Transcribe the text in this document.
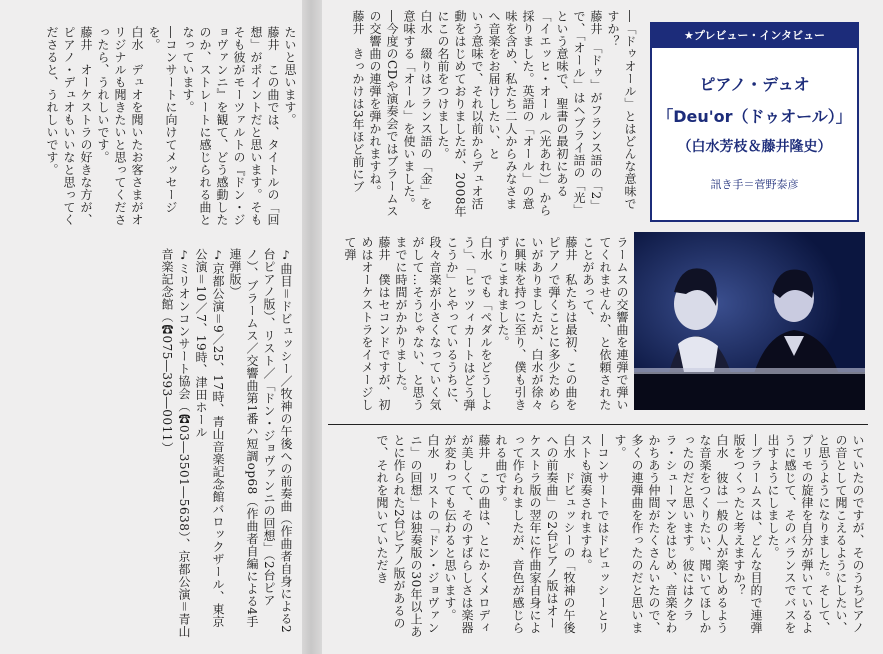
たいと思います。

藤井　この曲では、タイトルの「回想」がポイントだと思います。そもそも彼がモーツァルトの『ドン・ジョヴァンニ』を観て、どう感動したのか、ストレートに感じられる曲となっています。

―コンサートに向けてメッセージを。

白水　デュオを聞いたお客さまがオリジナルも聞きたいと思ってくださったら、うれしいです。

藤井　オーケストラの好きな方が、ピアノ・デュオもいいなと思ってくださると、うれしいです。

♪曲目＝ドビュッシー／牧神の午後への前奏曲（作曲者自身による2台ピアノ版）、リスト／「ドン・ジョヴァンニの回想」（2台ピアノ）、ブラームス／交響曲第1番ハ短調op68（作曲者自編による4手連弾版）

♪京都公演＝9／25、17時、青山音楽記念館バロックザール、東京公演＝10／7、19時、津田ホール

♪ミリオンコンサート協会（☎03―3501―5638）、京都公演＝青山音楽記念館（☎075―393―0011）

―「ドゥオール」とはどんな意味ですか？

藤井　「ドゥ」がフランス語の「2」で、「オール」はヘブライ語の「光」という意味で、聖書の最初にある

「イエッヒ・オール（光あれ）」から採りました。英語の「オール」の意味を含め、私たち二人からみなさまへ音楽をお届けしたい、と

いう意味で、それ以前からデュオ活動をはじめておりましたが、2008年にこの名前をつけました。

白水　綴りはフランス語の「金」を意味する「オール」を使いました。

―今度のCDや演奏会ではブラームスの交響曲の連弾を弾かれますね。

藤井　きっかけは3年ほど前にブ

ラームスの交響曲を連弾で弾いてくれませんか、と依頼されたことがあって、

藤井　私たちは最初、この曲をピアノで弾くことに多少ためらいがありましたが、白水が徐々に興味を持つに至り、僕も引きずりこまれました。

白水　でも「ペダルをどうしよう」、「ヒッツィカートはどう弾こうか」とやっているうちに、段々音楽が小さくなっていく気がして…そうじゃない、と思うまでに時間がかかりました。

藤井　僕はセコンドですが、初めはオーケストラをイメージして弾

いていたのですが、そのうちピアノの音として聞こえるようにしたい、と思うようになりました。そして、プリモの旋律を自分が弾いているように感じて、そのバランスでバスを出すようにしました。

―ブラームスは、どんな目的で連弾版をつくったと考えますか？

白水　彼は一般の人が楽しめるような音楽をつくりたい、聞いてほしかったのだと思います。彼にはクララ・シューマンをはじめ、音楽をわかちあう仲間がたくさんいたので、多くの連弾曲を作ったのだと思います。

―コンサートではドビュッシーとリストも演奏されますね。

白水　ドビュッシーの「牧神の午後への前奏曲」の2台ピアノ版はオーケストラ版の翌年に作曲家自身によって作られましたが、音色が感じられる曲です。

藤井　この曲は、とにかくメロディが美しくて、そのすばらしさは楽器が変わっても伝わると思います。

白水　リストの「ドン・ジョヴァンニ」の回想」は独奏版の30年以上あとに作られた2台ピアノ版があるので、それを聞いていただき

★プレビュー・インタビュー
ピアノ・デュオ
「Deu'or（ドゥオール）」
（白水芳枝＆藤井隆史）
訊き手＝菅野泰彦
